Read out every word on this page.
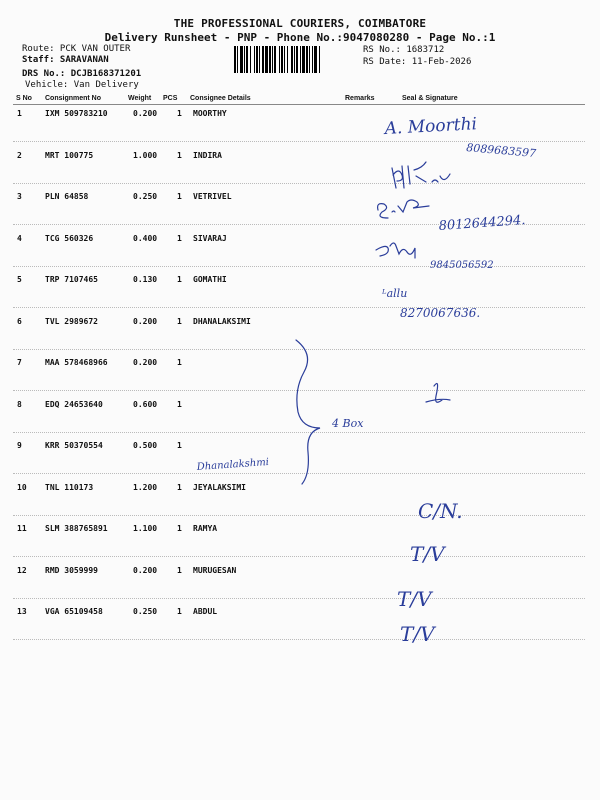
THE PROFESSIONAL COURIERS, COIMBATORE
Delivery Runsheet - PNP - Phone No.:9047080280 - Page No.:1
Route: PCK VAN OUTER
Staff: SARAVANAN
DRS No.: DCJB168371201
Vehicle: Van Delivery
RS No.: 1683712
RS Date: 11-Feb-2026
S No Consignment No	Weight PCS Consignee Details	Remarks	Seal & Signature
1	IXM 509783210	0.200 1 MOORTHY
2	MRT 100775	1.000 1 INDIRA
3	PLN 64858	0.250 1 VETRIVEL
4	TCG 560326	0.400 1 SIVARAJ
5	TRP 7107465	0.130 1 GOMATHI
6	TVL 2989672	0.200 1 DHANALAKSIMI
7	MAA 578468966	0.200 1
8	EDQ 24653640	0.600 1
9	KRR 50370554	0.500 1
10 TNL 110173	1.200 1 JEYALAKSIMI
11 SLM 388765891	1.100 1 RAMYA
12 RMD 3059999	0.200 1 MURUGESAN
13 VGA 65109458	0.250 1 ABDUL
A. Moorthi
8089683597
8012644294.
9845056592
ᴸallu
8270067636.
4 Box
Dhanalakshmi
C/N.
T/V
T/V
T/V
